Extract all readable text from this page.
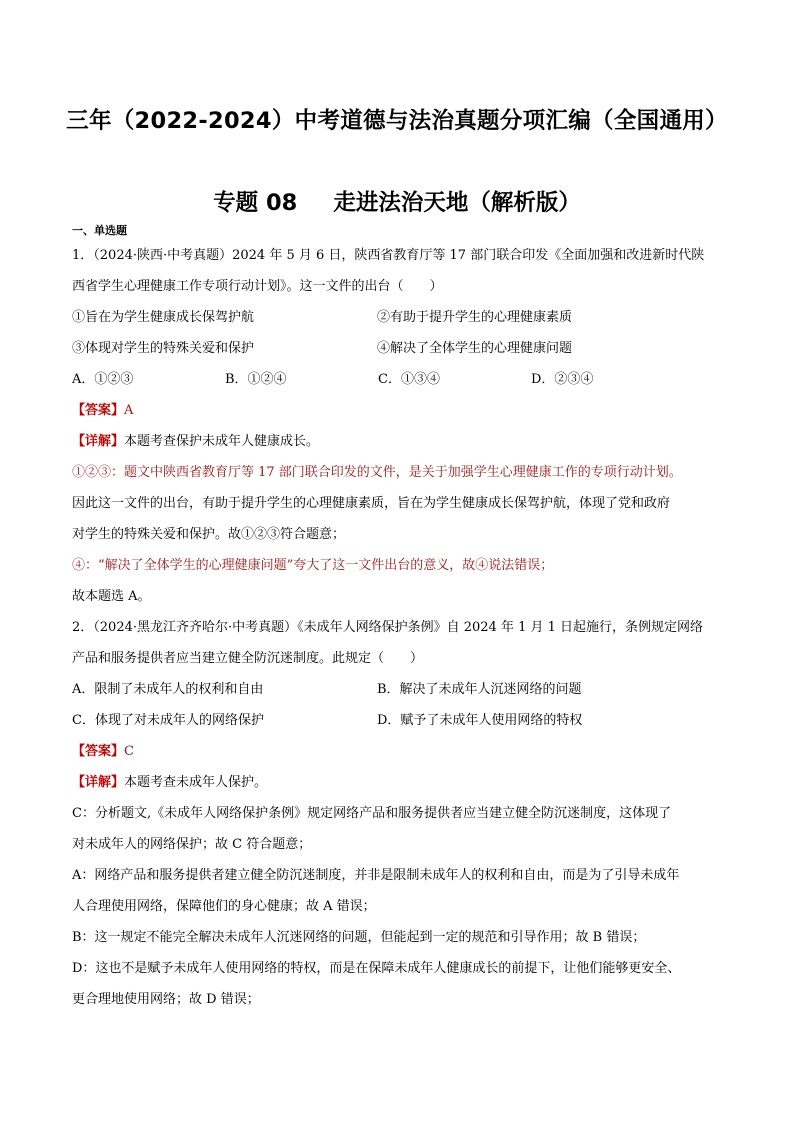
三年（2022-2024）中考道德与法治真题分项汇编（全国通用）
专题 08 走进法治天地（解析版）
一、单选题
1．（2024·陕西·中考真题）2024 年 5 月 6 日，陕西省教育厅等 17 部门联合印发《全面加强和改进新时代陕
西省学生心理健康工作专项行动计划》。这一文件的出台（　　）
①旨在为学生健康成长保驾护航	②有助于提升学生的心理健康素质
③体现对学生的特殊关爱和保护	④解决了全体学生的心理健康问题
A．①②③	B．①②④	C．①③④	D．②③④
【答案】A
【详解】本题考查保护未成年人健康成长。
①②③：题文中陕西省教育厅等 17 部门联合印发的文件，是关于加强学生心理健康工作的专项行动计划。
因此这一文件的出台，有助于提升学生的心理健康素质，旨在为学生健康成长保驾护航，体现了党和政府
对学生的特殊关爱和保护。故①②③符合题意；
④：“解决了全体学生的心理健康问题”夸大了这一文件出台的意义，故④说法错误；
故本题选 A。
2．（2024·黑龙江齐齐哈尔·中考真题）《未成年人网络保护条例》自 2024 年 1 月 1 日起施行，条例规定网络
产品和服务提供者应当建立健全防沉迷制度。此规定（　　）
A．限制了未成年人的权利和自由	B．解决了未成年人沉迷网络的问题
C．体现了对未成年人的网络保护	D．赋予了未成年人使用网络的特权
【答案】C
【详解】本题考查未成年人保护。
C：分析题文,《未成年人网络保护条例》规定网络产品和服务提供者应当建立健全防沉迷制度，这体现了
对未成年人的网络保护；故 C 符合题意；
A：网络产品和服务提供者建立健全防沉迷制度，并非是限制未成年人的权利和自由，而是为了引导未成年
人合理使用网络，保障他们的身心健康；故 A 错误；
B：这一规定不能完全解决未成年人沉迷网络的问题，但能起到一定的规范和引导作用；故 B 错误；
D：这也不是赋予未成年人使用网络的特权，而是在保障未成年人健康成长的前提下，让他们能够更安全、
更合理地使用网络；故 D 错误；
